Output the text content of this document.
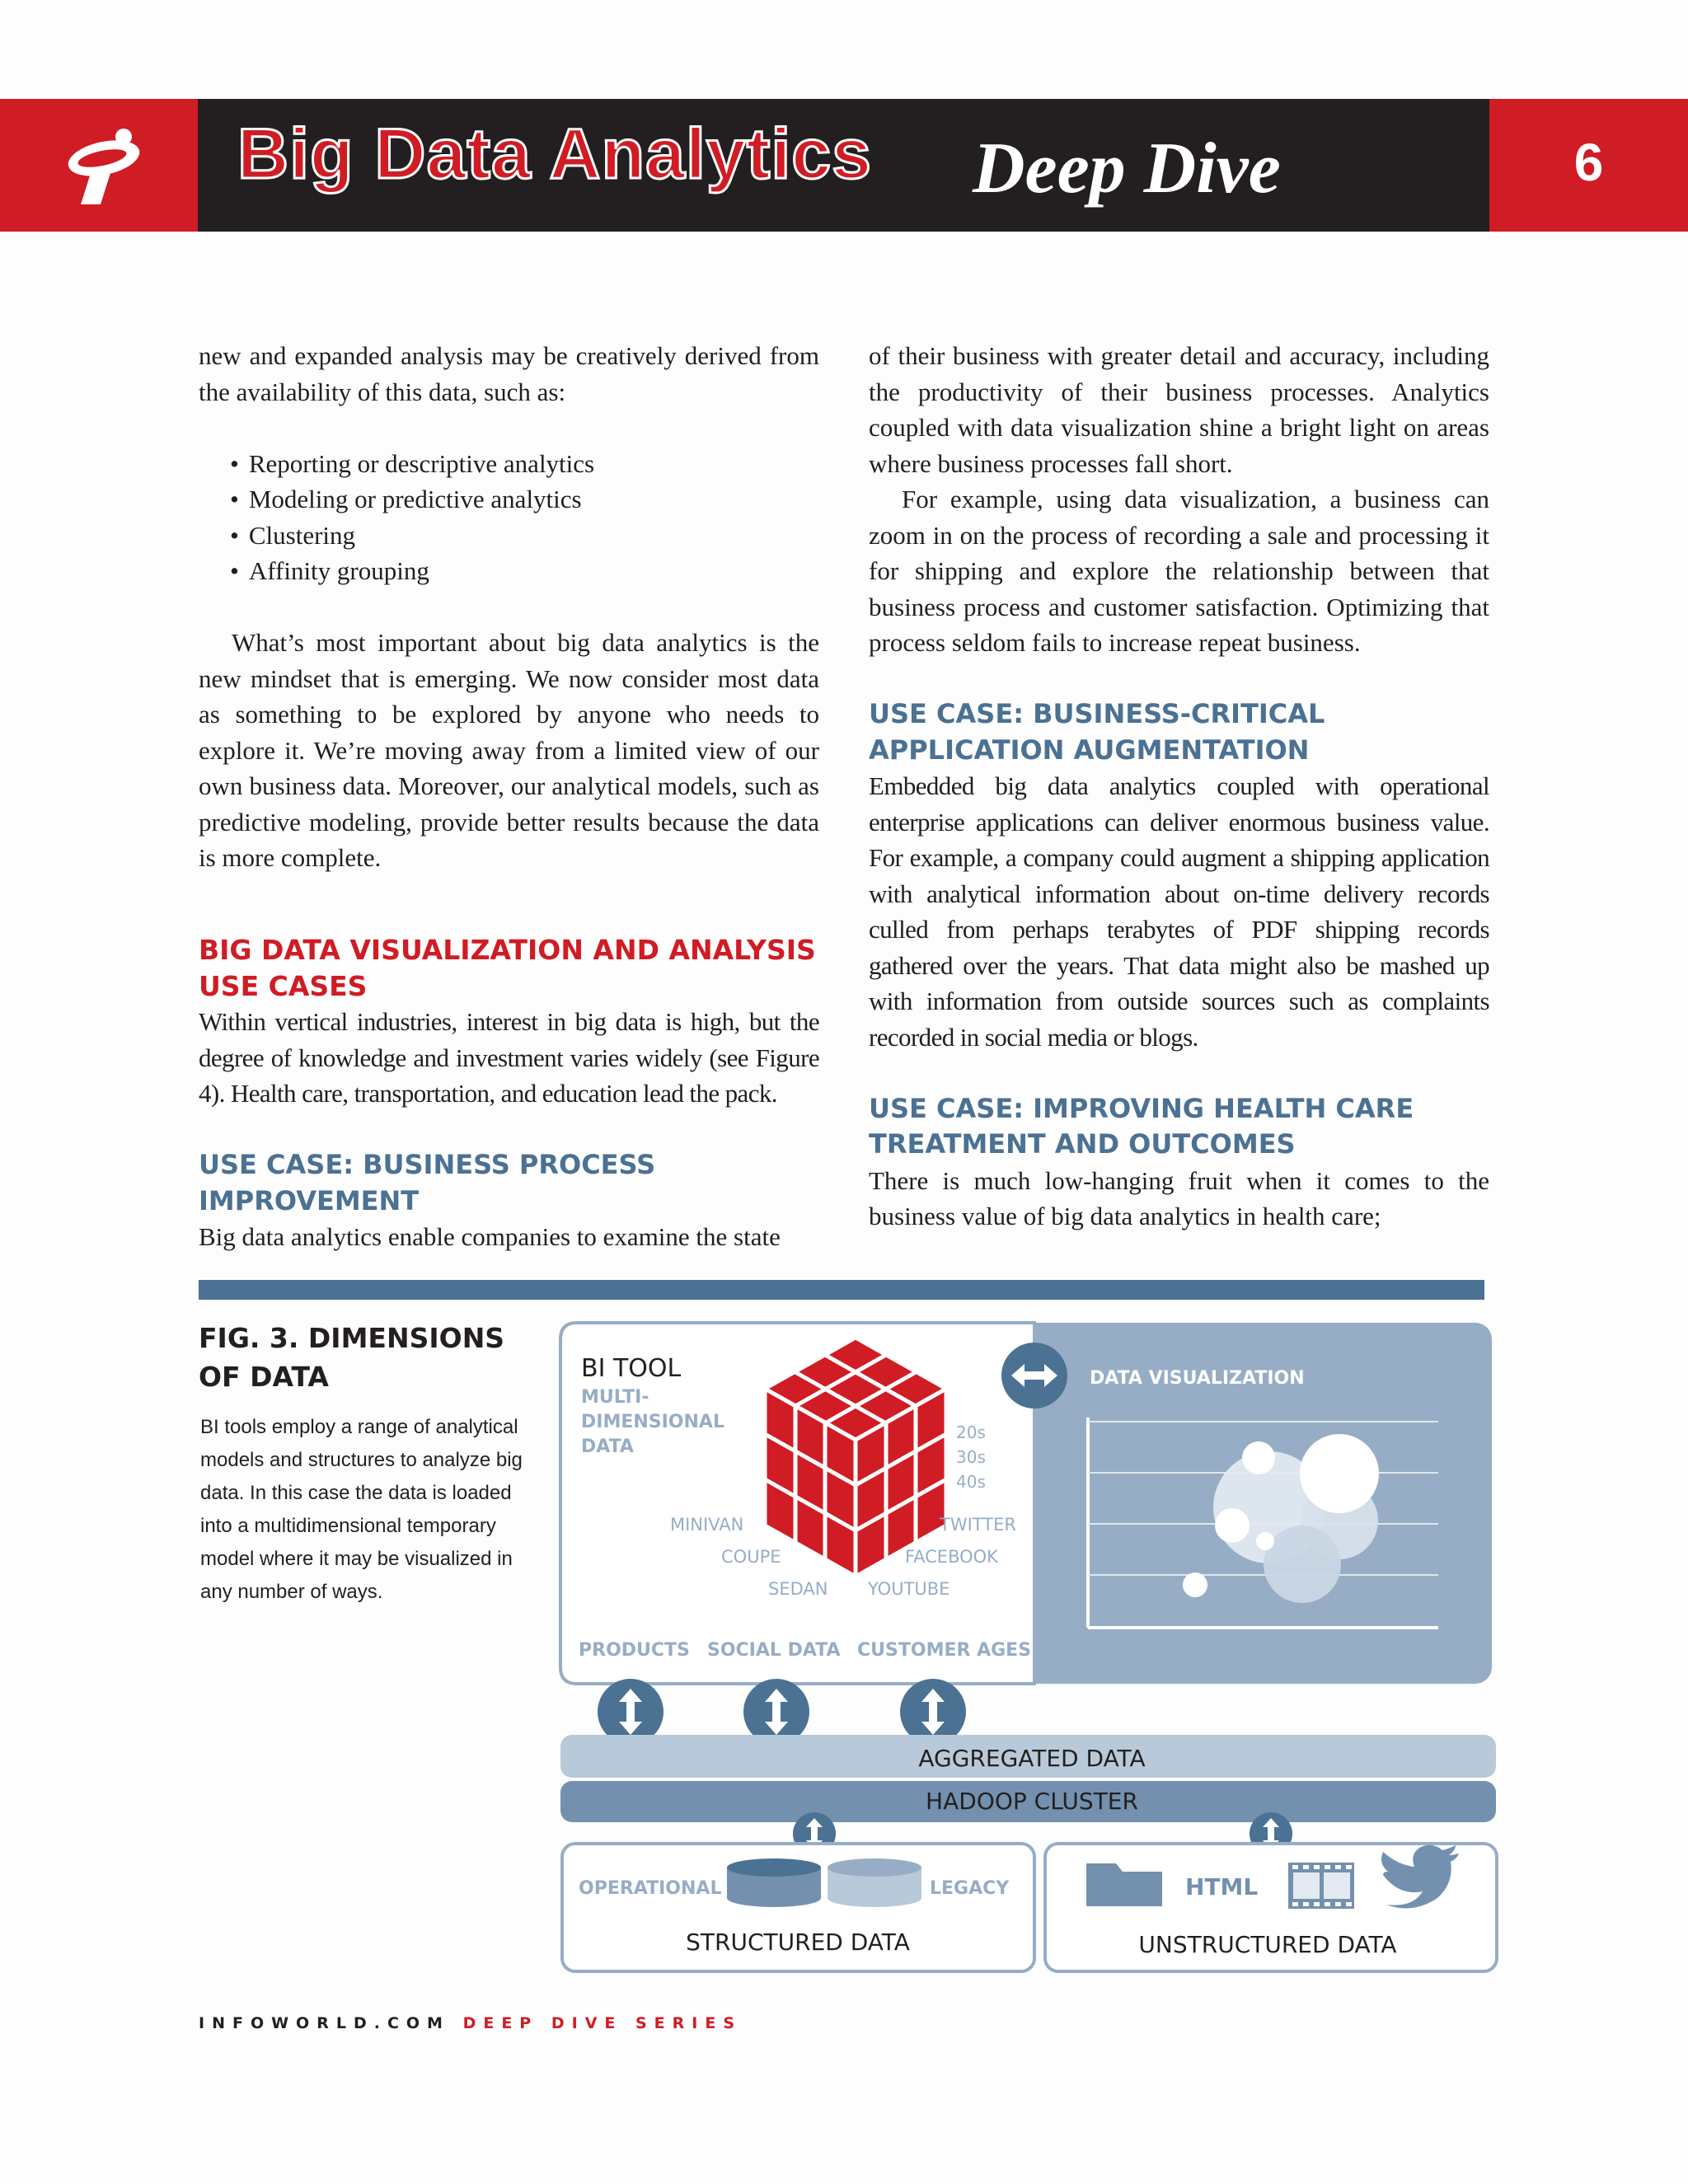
Big Data Analytics Deep Dive	6

new and expanded analysis may be creatively derived from the availability of this data, such as:

• Reporting or descriptive analytics
• Modeling or predictive analytics
• Clustering
• Affinity grouping

What’s most important about big data analytics is the new mindset that is emerging. We now consider most data as something to be explored by anyone who needs to explore it. We’re moving away from a limited view of our own business data. Moreover, our analytical models, such as predictive modeling, provide better results because the data is more complete.

BIG DATA VISUALIZATION AND ANALYSIS USE CASES

Within vertical industries, interest in big data is high, but the degree of knowledge and investment varies widely (see Figure 4). Health care, transportation, and education lead the pack.

USE CASE: BUSINESS PROCESS IMPROVEMENT

Big data analytics enable companies to examine the state

of their business with greater detail and accuracy, including the productivity of their business processes. Analytics coupled with data visualization shine a bright light on areas where business processes fall short.

For example, using data visualization, a business can zoom in on the process of recording a sale and processing it for shipping and explore the relationship between that business process and customer satisfaction. Optimizing that process seldom fails to increase repeat business.

USE CASE: BUSINESS-CRITICAL APPLICATION AUGMENTATION

Embedded big data analytics coupled with operational enterprise applications can deliver enormous business value. For example, a company could augment a shipping application with analytical information about on-time delivery records culled from perhaps terabytes of PDF shipping records gathered over the years. That data might also be mashed up with information from outside sources such as complaints recorded in social media or blogs.

USE CASE: IMPROVING HEALTH CARE TREATMENT AND OUTCOMES

There is much low-hanging fruit when it comes to the business value of big data analytics in health care;

FIG. 3. DIMENSIONS OF DATA
BI tools employ a range of analytical models and structures to analyze big data. In this case the data is loaded into a multidimensional temporary model where it may be visualized in any number of ways.
BI TOOL
MULTI-
DIMENSIONAL
DATA
20s
30s
40s
MINIVAN
COUPE
SEDAN
TWITTER
FACEBOOK
YOUTUBE
PRODUCTS SOCIAL DATA CUSTOMER AGES
DATA VISUALIZATION
AGGREGATED DATA
HADOOP CLUSTER
OPERATIONAL	LEGACY
STRUCTURED DATA
HTML
UNSTRUCTURED DATA
INFOWORLD.COM DEEP DIVE SERIES
